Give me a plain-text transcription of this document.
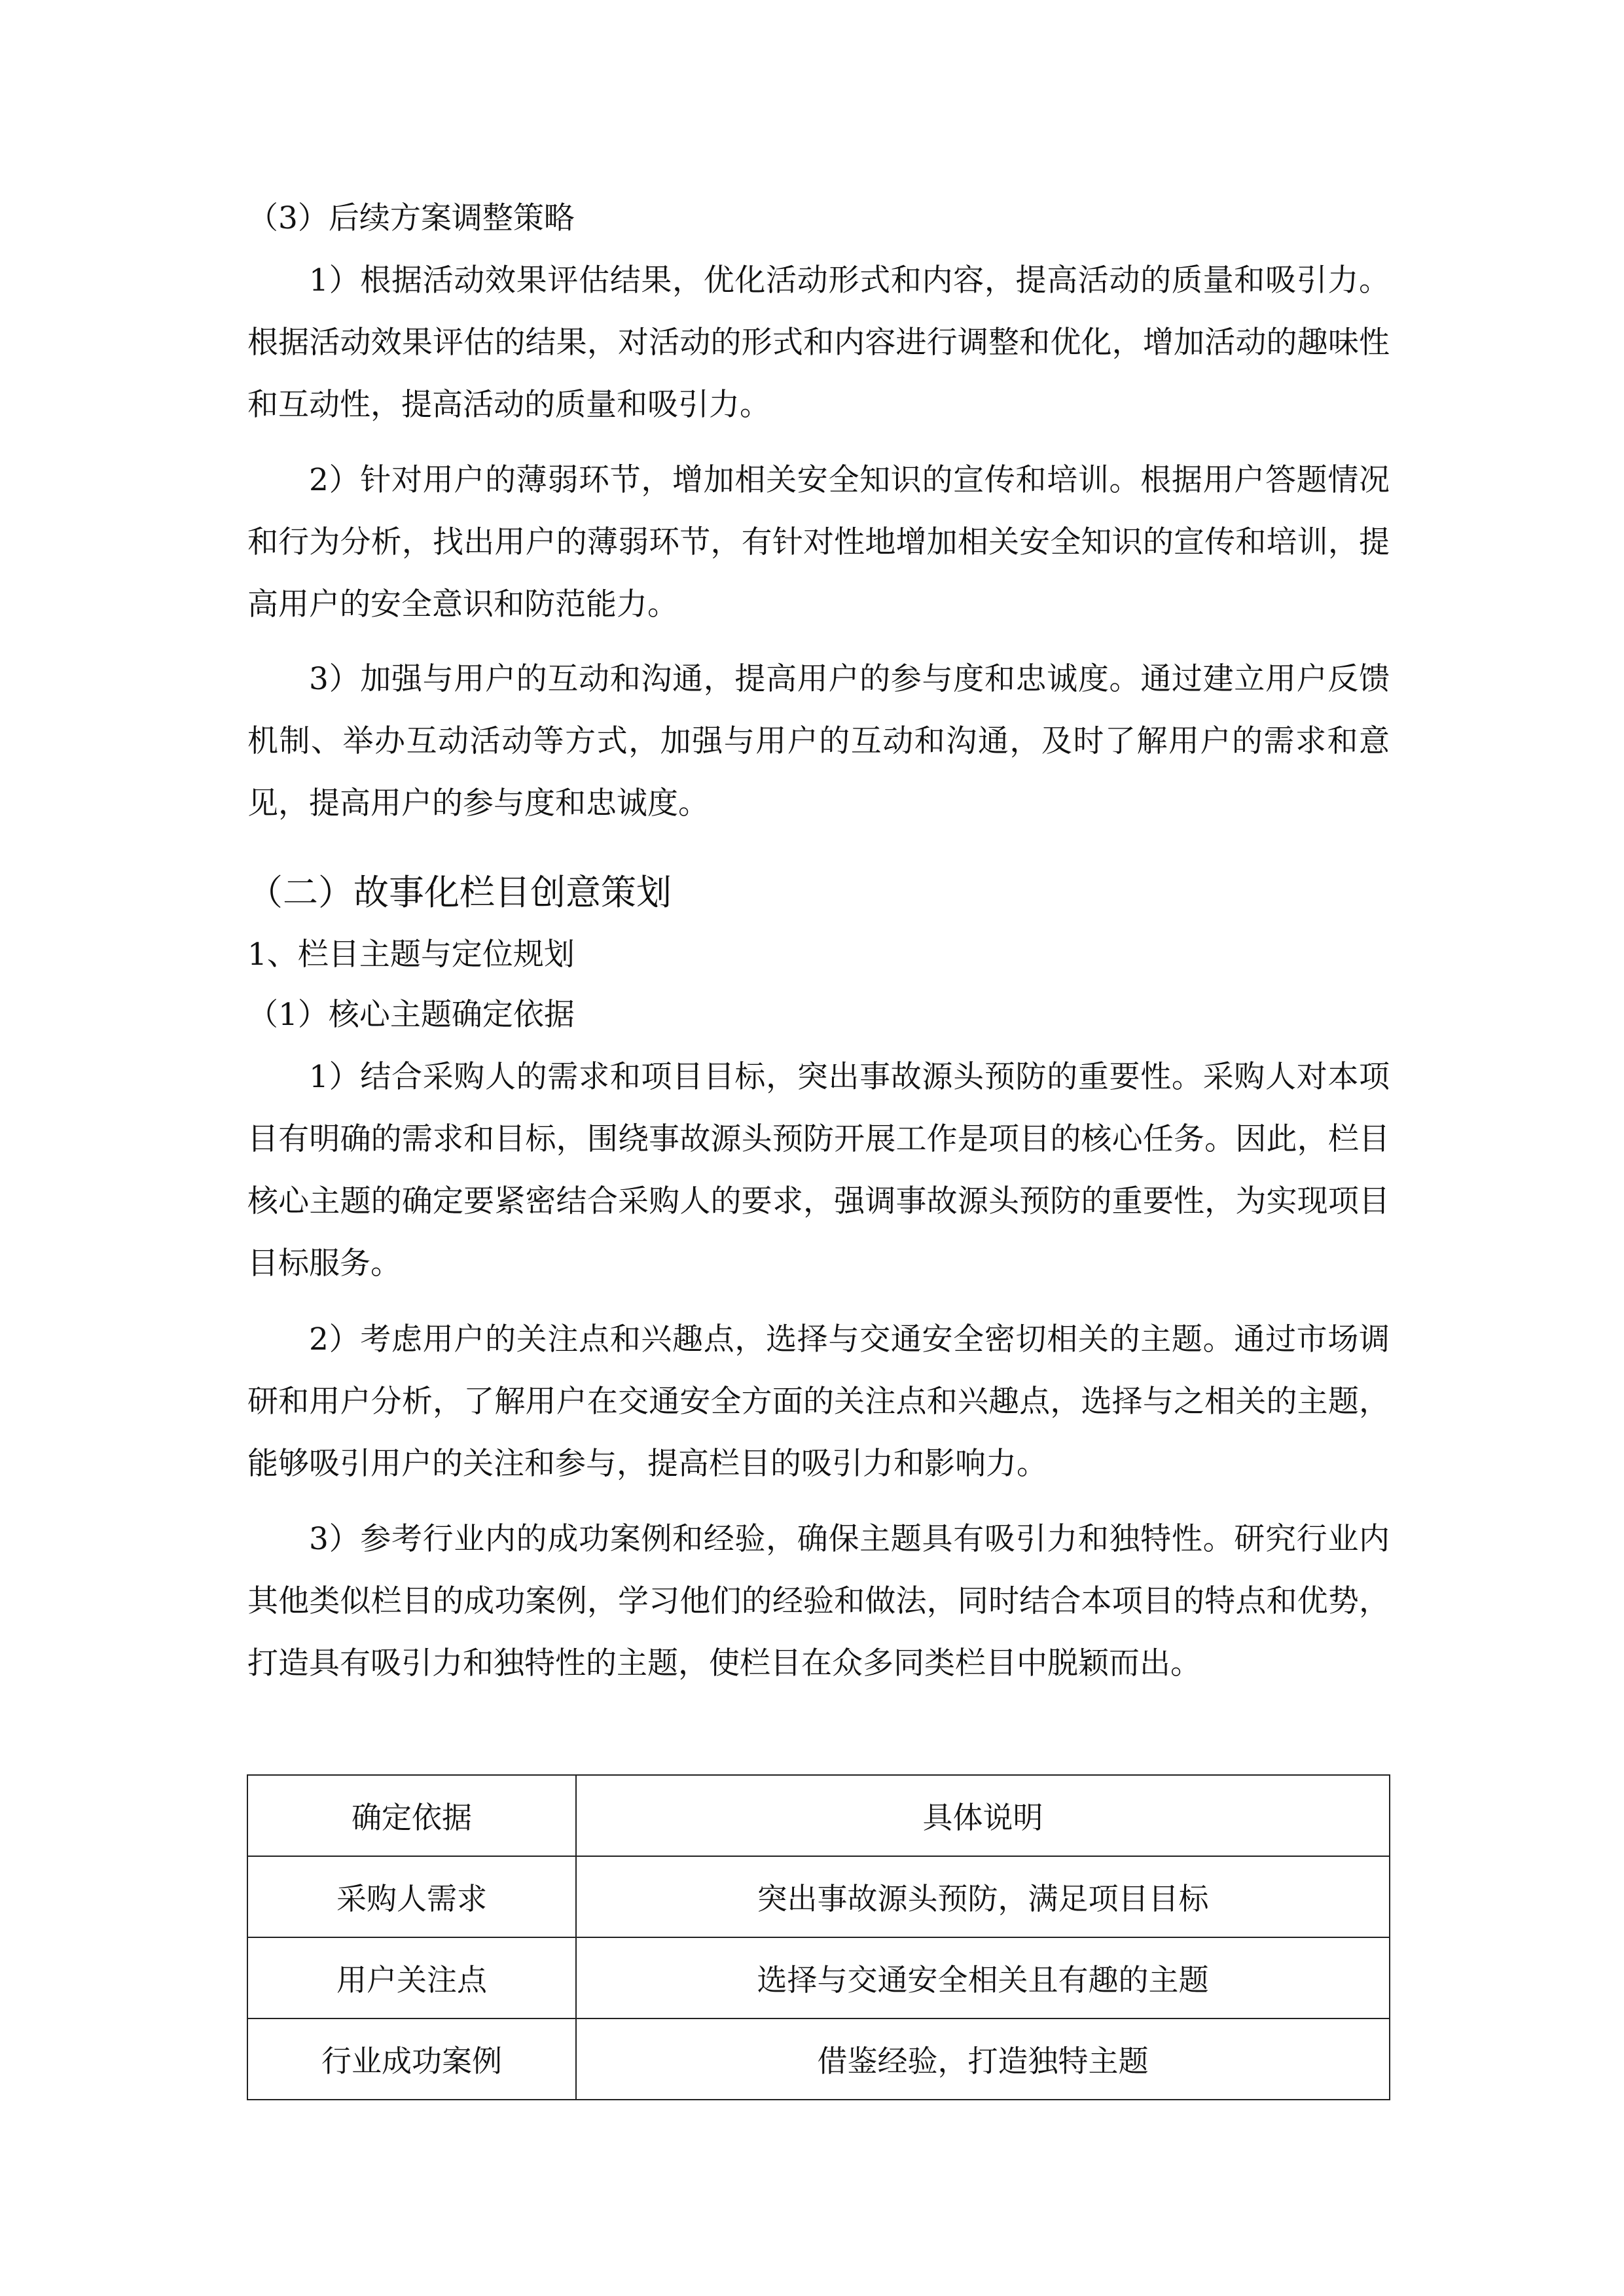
（3）后续方案调整策略

1）根据活动效果评估结果，优化活动形式和内容，提高活动的质量和吸引力。根据活动效果评估的结果，对活动的形式和内容进行调整和优化，增加活动的趣味性和互动性，提高活动的质量和吸引力。

2）针对用户的薄弱环节，增加相关安全知识的宣传和培训。根据用户答题情况和行为分析，找出用户的薄弱环节，有针对性地增加相关安全知识的宣传和培训，提高用户的安全意识和防范能力。

3）加强与用户的互动和沟通，提高用户的参与度和忠诚度。通过建立用户反馈机制、举办互动活动等方式，加强与用户的互动和沟通，及时了解用户的需求和意见，提高用户的参与度和忠诚度。

（二）故事化栏目创意策划

1、栏目主题与定位规划

（1）核心主题确定依据

1）结合采购人的需求和项目目标，突出事故源头预防的重要性。采购人对本项目有明确的需求和目标，围绕事故源头预防开展工作是项目的核心任务。因此，栏目核心主题的确定要紧密结合采购人的要求，强调事故源头预防的重要性，为实现项目目标服务。

2）考虑用户的关注点和兴趣点，选择与交通安全密切相关的主题。通过市场调研和用户分析，了解用户在交通安全方面的关注点和兴趣点，选择与之相关的主题，能够吸引用户的关注和参与，提高栏目的吸引力和影响力。

3）参考行业内的成功案例和经验，确保主题具有吸引力和独特性。研究行业内其他类似栏目的成功案例，学习他们的经验和做法，同时结合本项目的特点和优势，打造具有吸引力和独特性的主题，使栏目在众多同类栏目中脱颖而出。

确定依据	具体说明
采购人需求	突出事故源头预防，满足项目目标
用户关注点	选择与交通安全相关且有趣的主题
行业成功案例	借鉴经验，打造独特主题
